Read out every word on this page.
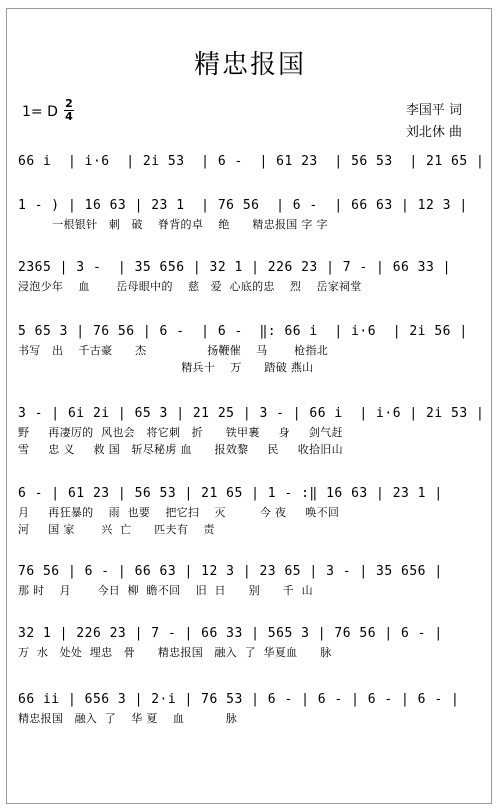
精忠报国
1= D
2
4	李国平 词
刘北休 曲
66 i  | i·6  | 2i 53  | 6 -  | 61 23  | 56 53  | 21 65 |
1 - ) | 16 63 | 23 1  | 76 56  | 6 -  | 66 63 | 12 3 |
一根银针   刺   破    脊背的卓    绝      精忠报国 字 字
2365 | 3 -  | 35 656 | 32 1 | 226 23 | 7 - | 66 33 |
浸泡少年    血       岳母眼中的    慈   爱  心底的忠    烈    岳家祠堂
5 65 3 | 76 56 | 6 -  | 6 -  ‖: 66 i  | i·6  | 2i 56 |
书写   出    千古豪      杰                扬鞭催    马       枪指北
精兵十    万      踏破 燕山
3 - | 6i 2i | 65 3 | 21 25 | 3 - | 66 i  | i·6 | 2i 53 |
野     再凄厉的  风也会   将它刺   折      铁甲裹     身     剑气赶
雪     忠 义     救 国   斩尽秘虏 血      报效黎     民     收拾旧山
6 - | 61 23 | 56 53 | 21 65 | 1 - :‖ 16 63 | 23 1 |
月     再狂暴的    雨  也要    把它扫    灭         今 夜     唤不回
河     国 家       兴  亡      匹夫有    责
76 56 | 6 - | 66 63 | 12 3 | 23 65 | 3 - | 35 656 |
那 时    月       今日  柳  瞻不回    旧  日      别      千  山
32 1 | 226 23 | 7 - | 66 33 | 565 3 | 76 56 | 6 - |
万  水   处处  埋忠   骨      精忠报国   融入  了  华夏血      脉
66 ii | 656 3 | 2·i | 76 53 | 6 - | 6 - | 6 - | 6 - |
精忠报国   融入  了    华 夏    血           脉
